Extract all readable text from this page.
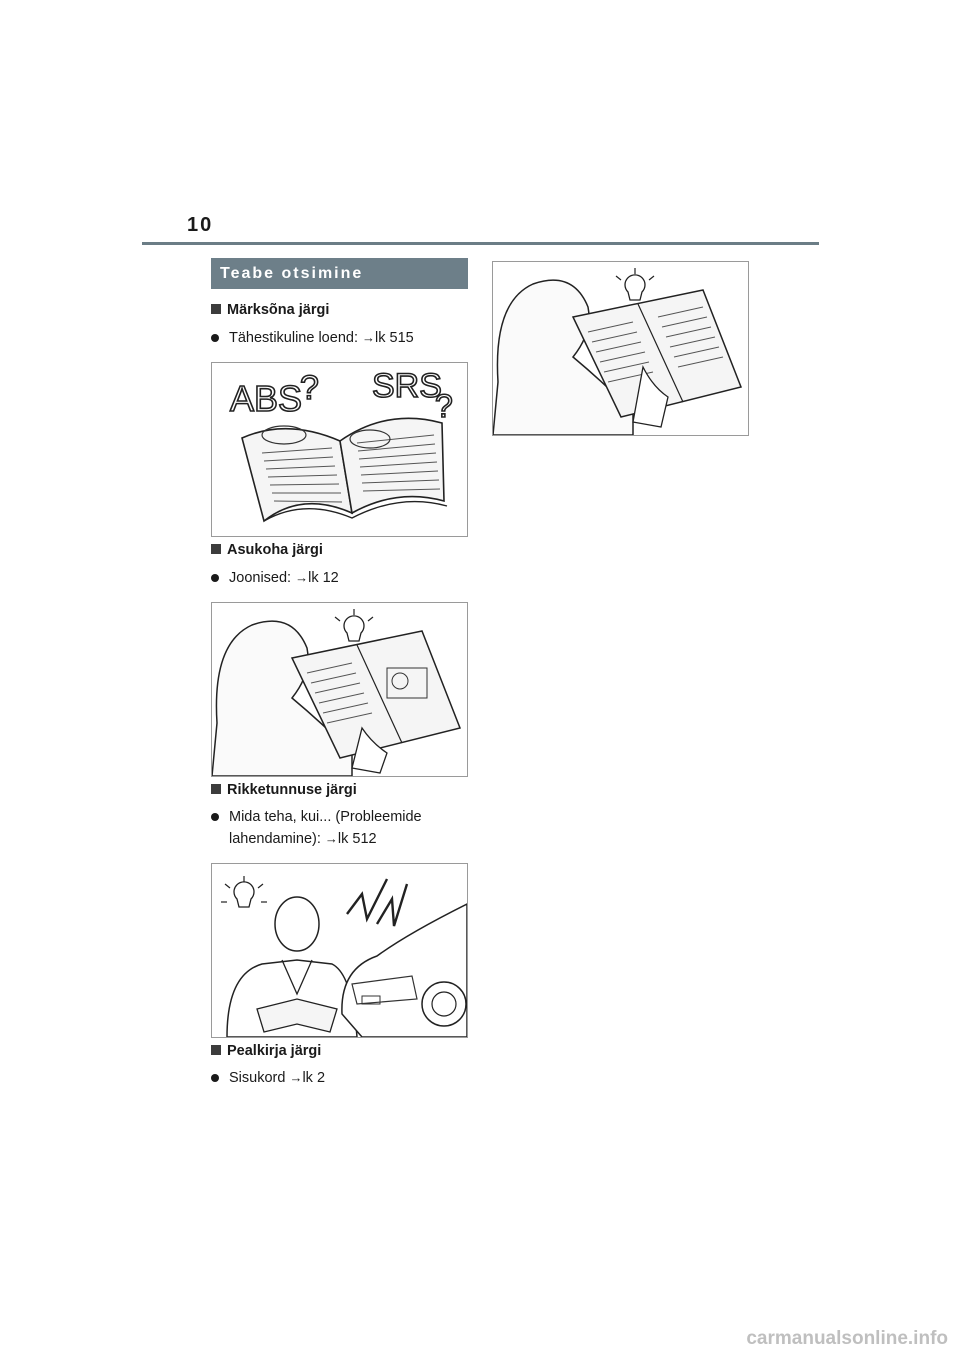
10
Teabe otsimine
Märksõna järgi
Tähestikuline loend: →lk 515
ABS
? SRS
?
Asukoha järgi
Joonised: →lk 12
Rikketunnuse järgi
Mida teha, kui... (Probleemide lahendamine): →lk 512
Pealkirja järgi
Sisukord →lk 2
carmanualsonline.info
